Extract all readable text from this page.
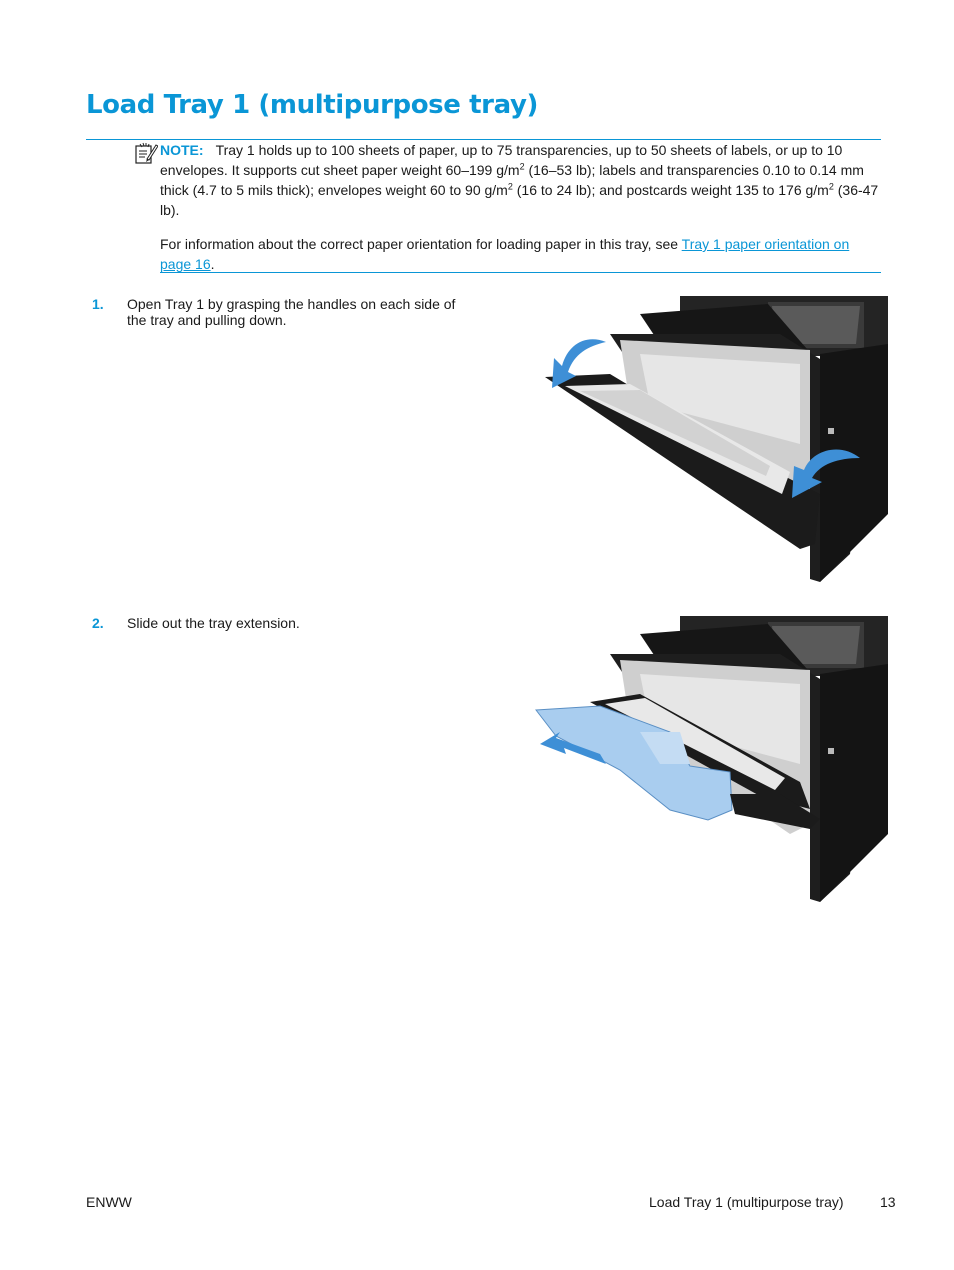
Load Tray 1 (multipurpose tray)

NOTE: Tray 1 holds up to 100 sheets of paper, up to 75 transparencies, up to 50 sheets of labels, or up to 10 envelopes. It supports cut sheet paper weight 60–199 $g/m^2$ (16–53 lb); labels and transparencies 0.10 to 0.14 mm thick (4.7 to 5 mils thick); envelopes weight 60 to 90 $g/m^2$ (16 to 24 lb); and postcards weight 135 to 176 $g/m^2$ (36-47 lb).

For information about the correct paper orientation for loading paper in this tray, see Tray 1 paper orientation on page 16.

1. Open Tray 1 by grasping the handles on each side of the tray and pulling down.
2. Slide out the tray extension.
ENWW	Load Tray 1 (multipurpose tray)	13
